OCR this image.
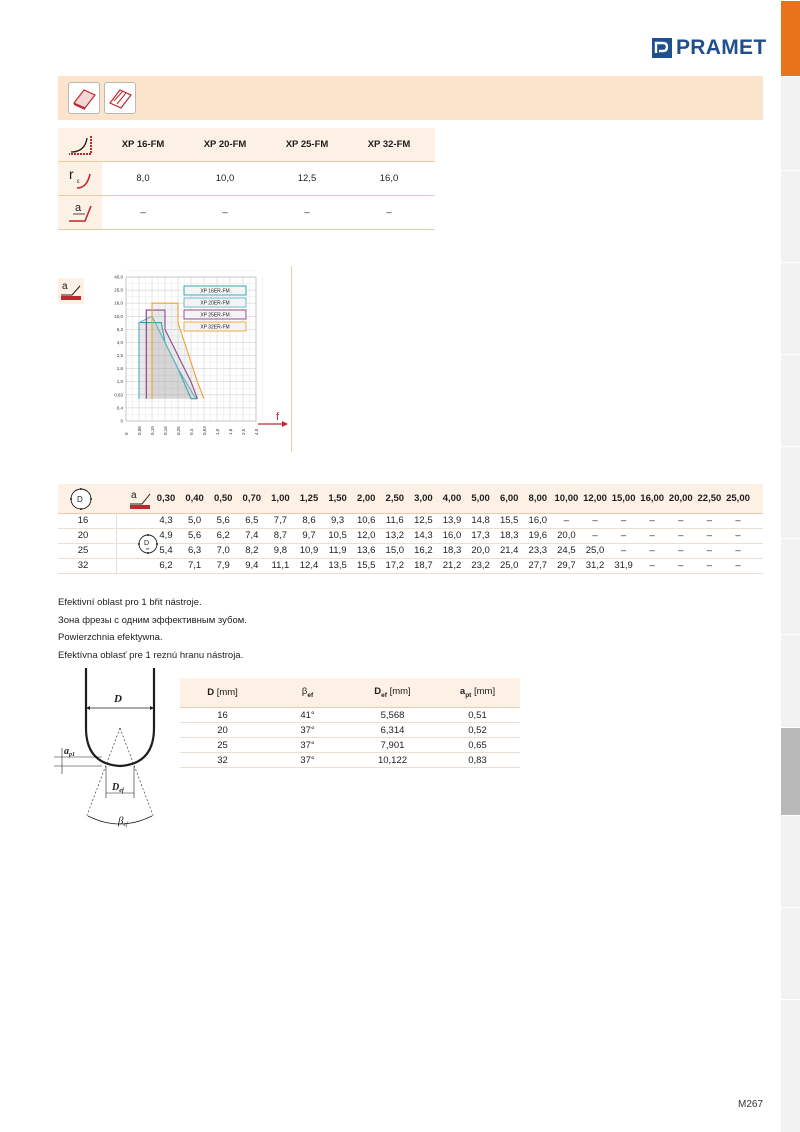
PRAMET
XP 16-FM	XP 20-FM	XP 25-FM	XP 32-FM
r ε	8,0	10,0	12,5	16,0
a	–	–	–	–
a
0 0,06 0,10 0,16 0,25 0,4 0,63 1,0 1,6 2,5 4,0
0
0,4
0,63
1,0
1,6
2,5
4,0
6,3
10,0
16,0
25,0
40,0
XP 16ER-FM
XP 20ER-FM
XP 25ER-FM
XP 32ER-FM
f
D	a	0,30	0,40	0,50	0,70	1,00	1,25	1,50	2,00	2,50	3,00	4,00	5,00	6,00	8,00 10,00 12,00 15,00 16,00 20,00 22,50 25,00
16	4,3	5,0	5,6	6,5	7,7	8,6	9,3	10,6	11,6	12,5	13,9	14,8	15,5	16,0	–	–	–	–	–	–	–
20	4,9	5,6	6,2	7,4	8,7	9,7	10,5	12,0	13,2	14,3	16,0	17,3	18,3	19,6	20,0	–	–	–	–	–	–
25	5,4	6,3	7,0	8,2	9,8	10,9	11,9	13,6	15,0	16,2	18,3	20,0	21,4	23,3	24,5	25,0	–	–	–	–	–
32	6,2	7,1	7,9	9,4	11,1	12,4	13,5	15,5	17,2	18,7	21,2	23,2	25,0	27,7	29,7	31,2	31,9	–	–	–	–
D
ef
Efektivní oblast pro 1 břit nástroje.
Зона фрезы с одним эффективным зубом.
Powierzchnia efektywna.
Efektívna oblasť pre 1 reznú hranu nástroja.
D
$D_{ef}$
$a_{p1}$
βef
D [mm]	$\beta_{ef}$	$D_{ef}$ [mm]	$a_{pt}$ [mm]
16	41°	5,568	0,51
20	37°	6,314	0,52
25	37°	7,901	0,65
32	37°	10,122	0,83
M267
